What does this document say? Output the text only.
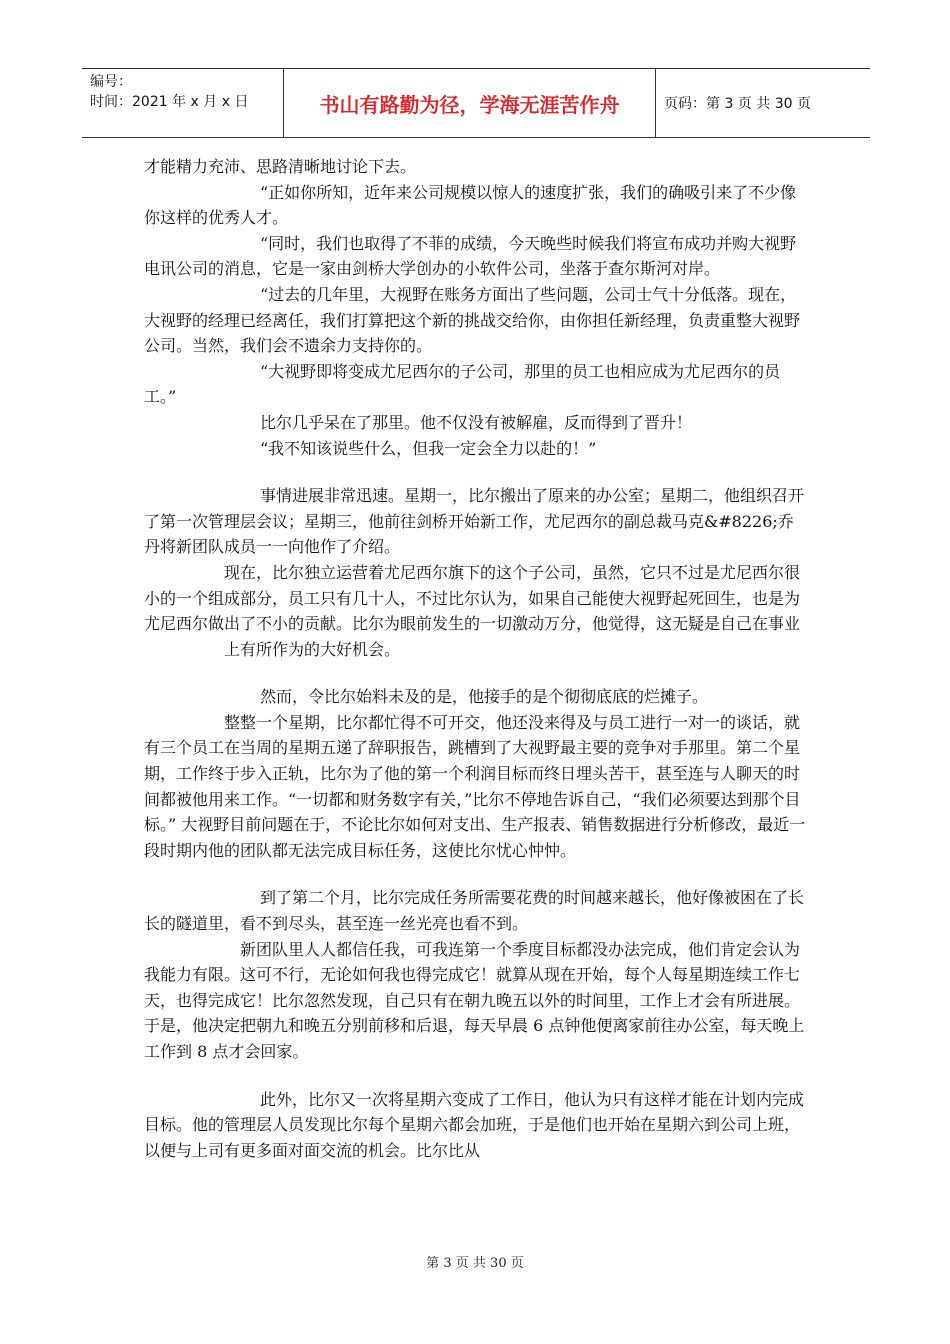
编号：
时间：2021 年 x 月 x 日	书山有路勤为径，学海无涯苦作舟	页码：第 3 页 共 30 页

才能精力充沛、思路清晰地讨论下去。

“正如你所知，近年来公司规模以惊人的速度扩张，我们的确吸引来了不少像你这样的优秀人才。

“同时，我们也取得了不菲的成绩，今天晚些时候我们将宣布成功并购大视野电讯公司的消息，它是一家由剑桥大学创办的小软件公司，坐落于查尔斯河对岸。

“过去的几年里，大视野在账务方面出了些问题，公司士气十分低落。现在，大视野的经理已经离任，我们打算把这个新的挑战交给你，由你担任新经理，负责重整大视野公司。当然，我们会不遗余力支持你的。

“大视野即将变成尤尼西尔的子公司，那里的员工也相应成为尤尼西尔的员工。”

比尔几乎呆在了那里。他不仅没有被解雇，反而得到了晋升！

“我不知该说些什么，但我一定会全力以赴的！”

事情进展非常迅速。星期一，比尔搬出了原来的办公室；星期二，他组织召开了第一次管理层会议；星期三，他前往剑桥开始新工作，尤尼西尔的副总裁马克&#8226;乔丹将新团队成员一一向他作了介绍。

现在，比尔独立运营着尤尼西尔旗下的这个子公司，虽然，它只不过是尤尼西尔很小的一个组成部分，员工只有几十人，不过比尔认为，如果自己能使大视野起死回生，也是为尤尼西尔做出了不小的贡献。比尔为眼前发生的一切激动万分，他觉得，这无疑是自己在事业

上有所作为的大好机会。

然而，令比尔始料未及的是，他接手的是个彻彻底底的烂摊子。

整整一个星期，比尔都忙得不可开交，他还没来得及与员工进行一对一的谈话，就有三个员工在当周的星期五递了辞职报告，跳槽到了大视野最主要的竞争对手那里。第二个星期，工作终于步入正轨，比尔为了他的第一个利润目标而终日埋头苦干，甚至连与人聊天的时间都被他用来工作。“一切都和财务数字有关，”比尔不停地告诉自己，“我们必须要达到那个目标。” 大视野目前问题在于，不论比尔如何对支出、生产报表、销售数据进行分析修改，最近一段时期内他的团队都无法完成目标任务，这使比尔忧心忡忡。

到了第二个月，比尔完成任务所需要花费的时间越来越长，他好像被困在了长长的隧道里，看不到尽头，甚至连一丝光亮也看不到。

新团队里人人都信任我，可我连第一个季度目标都没办法完成，他们肯定会认为我能力有限。这可不行，无论如何我也得完成它！就算从现在开始，每个人每星期连续工作七天，也得完成它！比尔忽然发现，自己只有在朝九晚五以外的时间里，工作上才会有所进展。于是，他决定把朝九和晚五分别前移和后退，每天早晨 6 点钟他便离家前往办公室，每天晚上工作到 8 点才会回家。

此外，比尔又一次将星期六变成了工作日，他认为只有这样才能在计划内完成目标。他的管理层人员发现比尔每个星期六都会加班，于是他们也开始在星期六到公司上班，以便与上司有更多面对面交流的机会。比尔比从

第 3 页 共 30 页
